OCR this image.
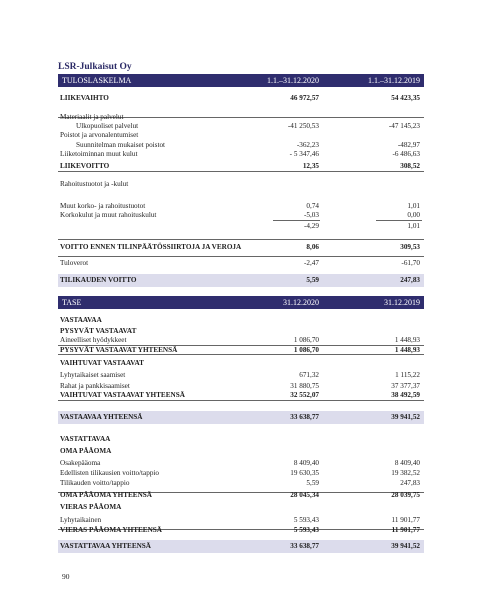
LSR-Julkaisut Oy
TULOSLASKELMA	1.1.–31.12.2020	1.1.–31.12.2019
LIIKEVAIHTO	46 972,57	54 423,35
Materiaalit ja palvelut
Ulkopuoliset palvelut	-41 250,53	-47 145,23
Poistot ja arvonalentumiset
Suunnitelman mukaiset poistot	-362,23	-482,97
Liiketoiminnan muut kulut	- 5 347,46	-6 486,63
LIIKEVOITTO	12,35	308,52
Rahoitustuotot ja -kulut
Muut korko- ja rahoitustuotot	0,74	1,01
Korkokulut ja muut rahoituskulut	-5,03	0,00
-4,29	1,01
VOITTO ENNEN TILINPÄÄTÖSSIIRTOJA JA VEROJA	8,06	309,53
Tuloverot	-2,47	-61,70
TILIKAUDEN VOITTO	5,59	247,83
TASE	31.12.2020	31.12.2019
VASTAAVAA
PYSYVÄT VASTAAVAT
Aineelliset hyödykkeet	1 086,70	1 448,93
PYSYVÄT VASTAAVAT YHTEENSÄ	1 086,70	1 448,93
VAIHTUVAT VASTAAVAT
Lyhytaikaiset saamiset	671,32	1 115,22
Rahat ja pankkisaamiset	31 880,75	37 377,37
VAIHTUVAT VASTAAVAT YHTEENSÄ	32 552,07	38 492,59
VASTAAVAA YHTEENSÄ	33 638,77	39 941,52
VASTATTAVAA
OMA PÄÄOMA
Osakepääoma	8 409,40	8 409,40
Edellisten tilikausien voitto/tappio	19 630,35	19 382,52
Tilikauden voitto/tappio	5,59	247,83
OMA PÄÄOMA YHTEENSÄ	28 045,34	28 039,75
VIERAS PÄÄOMA
Lyhytaikainen	5 593,43	11 901,77
VIERAS PÄÄOMA YHTEENSÄ	5 593,43	11 901,77
VASTATTAVAA YHTEENSÄ	33 638,77	39 941,52
90
